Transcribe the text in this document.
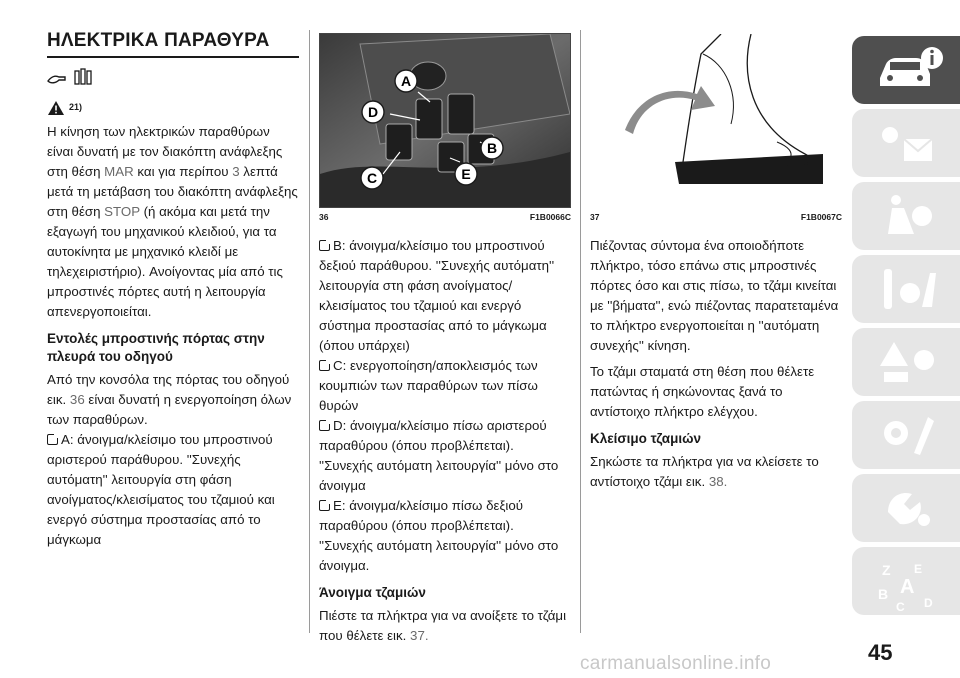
ΗΛΕΚΤΡΙΚΑ ΠΑΡΑΘΥΡΑ
21)

Η κίνηση των ηλεκτρικών παραθύρων είναι δυνατή με τον διακόπτη ανάφλεξης στη θέση MAR και για περίπου 3 λεπτά μετά τη μετάβαση του διακόπτη ανάφλεξης στη θέση STOP (ή ακόμα και μετά την εξαγωγή του μηχανικού κλειδιού, για τα αυτοκίνητα με μηχανικό κλειδί με τηλεχειριστήριο). Ανοίγοντας μία από τις μπροστινές πόρτες αυτή η λειτουργία απενεργοποιείται.

Εντολές μπροστινής πόρτας στην πλευρά του οδηγού

Από την κονσόλα της πόρτας του οδηγού εικ. 36 είναι δυνατή η ενεργοποίηση όλων των παραθύρων.

A: άνοιγμα/κλείσιμο του μπροστινού αριστερού παράθυρου. ''Συνεχής αυτόματη'' λειτουργία στη φάση ανοίγματος/κλεισίματος του τζαμιού και ενεργό σύστημα προστασίας από το μάγκωμα

A
D
B
C	E
36	F1B0066C

B: άνοιγμα/κλείσιμο του μπροστινού δεξιού παράθυρου. ''Συνεχής αυτόματη'' λειτουργία στη φάση ανοίγματος/κλεισίματος του τζαμιού και ενεργό σύστημα προστασίας από το μάγκωμα (όπου υπάρχει)

C: ενεργοποίηση/αποκλεισμός των κουμπιών των παραθύρων των πίσω θυρών

D: άνοιγμα/κλείσιμο πίσω αριστερού παραθύρου (όπου προβλέπεται). ''Συνεχής αυτόματη λειτουργία'' μόνο στο άνοιγμα

E: άνοιγμα/κλείσιμο πίσω δεξιού παραθύρου (όπου προβλέπεται). ''Συνεχής αυτόματη λειτουργία'' μόνο στο άνοιγμα.

Άνοιγμα τζαμιών

Πιέστε τα πλήκτρα για να ανοίξετε το τζάμι που θέλετε εικ. 37.

37	F1B0067C

Πιέζοντας σύντομα ένα οποιοδήποτε πλήκτρο, τόσο επάνω στις μπροστινές πόρτες όσο και στις πίσω, το τζάμι κινείται με ''βήματα'', ενώ πιέζοντας παρατεταμένα το πλήκτρο ενεργοποιείται η ''αυτόματη συνεχής'' κίνηση.

Το τζάμι σταματά στη θέση που θέλετε πατώντας ή σηκώνοντας ξανά το αντίστοιχο πλήκτρο ελέγχου.

Κλείσιμο τζαμιών

Σηκώστε τα πλήκτρα για να κλείσετε το αντίστοιχο τζάμι εικ. 38.

Z E
B A
C D
45
carmanualsonline.info
